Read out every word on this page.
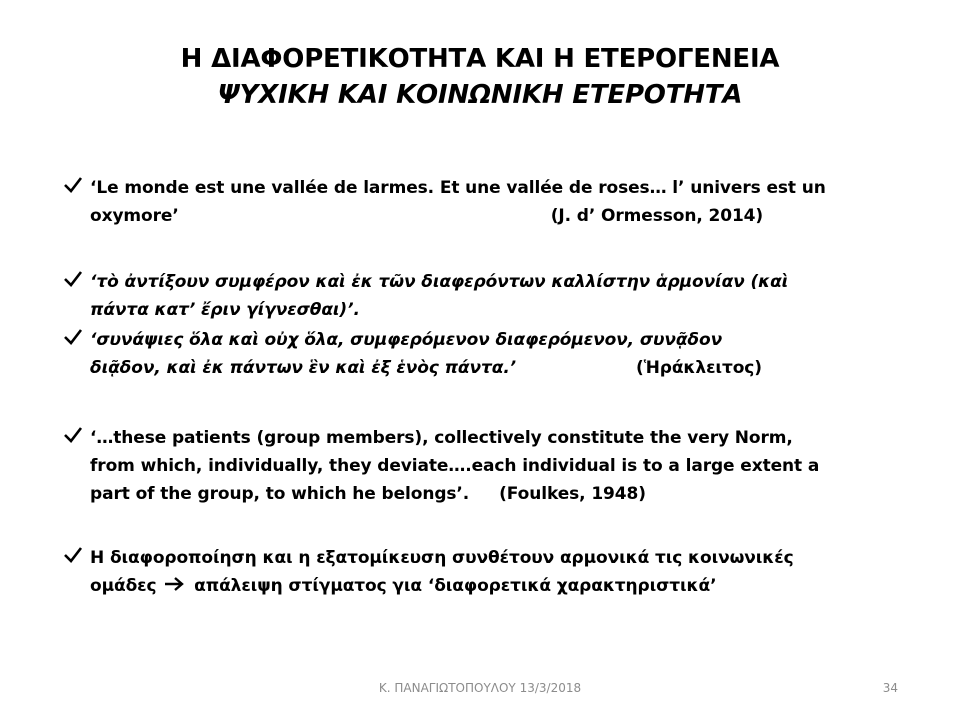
Η ΔΙΑΦΟΡΕΤΙΚΟΤΗΤΑ ΚΑΙ Η ΕΤΕΡΟΓΕΝΕΙΑ
ΨΥΧΙΚΗ ΚΑΙ ΚΟΙΝΩΝΙΚΗ ΕΤΕΡΟΤΗΤΑ
‘Le monde est une vallée de larmes. Et une vallée de roses… l’ univers est un
oxymore’	(J. d’ Ormesson, 2014)
‘τὸ ἀντίξουν συμφέρον καὶ ἐκ τῶν διαφερόντων καλλίστην ἁρμονίαν (καὶ
πάντα κατ’ ἔριν γίγνεσθαι)’.
‘συνάψιες ὅλα καὶ οὐχ ὅλα, συμφερόμενον διαφερόμενον, συνᾷδον
διᾷδον, καὶ ἐκ πάντων ἓν καὶ ἐξ ἑνὸς πάντα.’	(Ἡράκλειτος)
‘…these patients (group members), collectively constitute the very Norm,
from which, individually, they deviate….each individual is to a large extent a
part of the group, to which he belongs’. (Foulkes, 1948)
Η διαφοροποίηση και η εξατομίκευση συνθέτουν αρμονικά τις κοινωνικές
ομάδες απάλειψη στίγματος για ‘διαφορετικά χαρακτηριστικά’
Κ. ΠΑΝΑΓΙΩΤΟΠΟΥΛΟΥ 13/3/2018	34
